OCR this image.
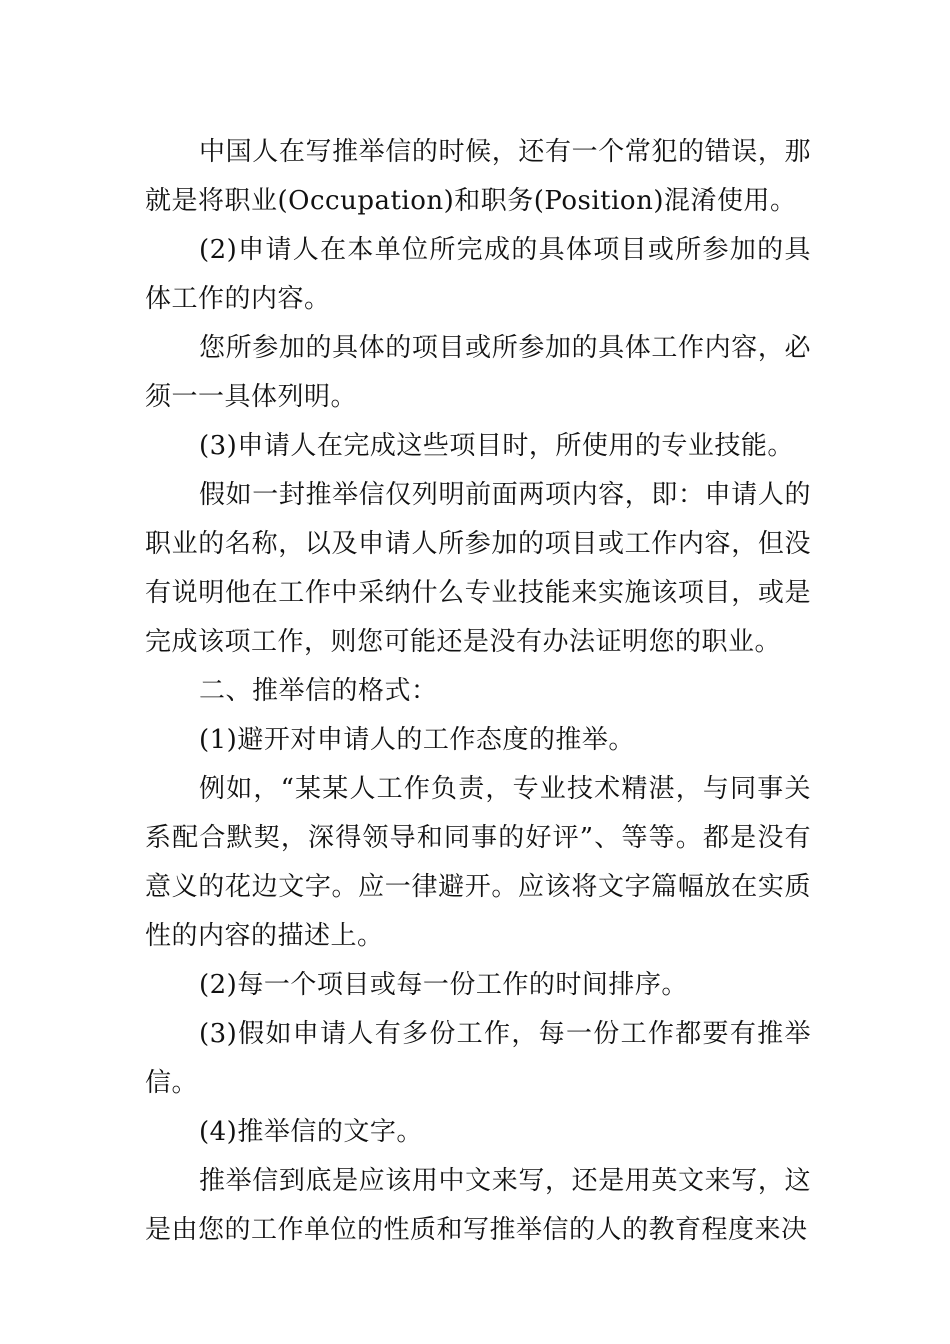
中国人在写推举信的时候，还有一个常犯的错误，那就是将职业(Occupation)和职务(Position)混淆使用。

(2)申请人在本单位所完成的具体项目或所参加的具体工作的内容。

您所参加的具体的项目或所参加的具体工作内容，必须一一具体列明。

(3)申请人在完成这些项目时，所使用的专业技能。

假如一封推举信仅列明前面两项内容，即：申请人的职业的名称，以及申请人所参加的项目或工作内容，但没有说明他在工作中采纳什么专业技能来实施该项目，或是完成该项工作，则您可能还是没有办法证明您的职业。

二、推举信的格式：

(1)避开对申请人的工作态度的推举。

例如，“某某人工作负责，专业技术精湛，与同事关系配合默契，深得领导和同事的好评”、等等。都是没有意义的花边文字。应一律避开。应该将文字篇幅放在实质性的内容的描述上。

(2)每一个项目或每一份工作的时间排序。

(3)假如申请人有多份工作，每一份工作都要有推举信。

(4)推举信的文字。

推举信到底是应该用中文来写，还是用英文来写，这是由您的工作单位的性质和写推举信的人的教育程度来决
